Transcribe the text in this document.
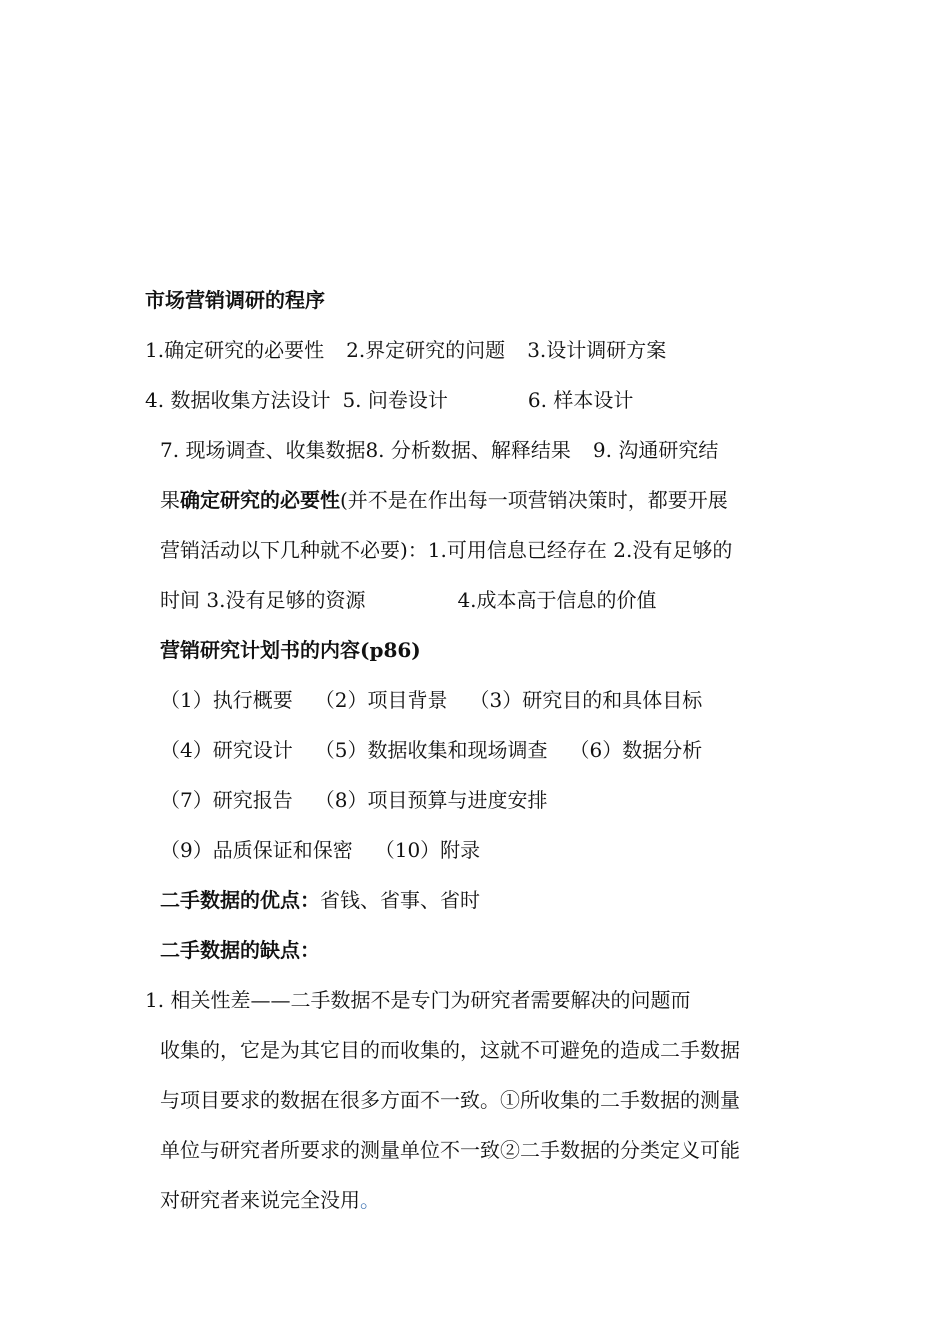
市场营销调研的程序
1.确定研究的必要性 2.界定研究的问题 3.设计调研方案
4. 数据收集方法设计 5. 问卷设计	6. 样本设计
7. 现场调查、收集数据8. 分析数据、解释结果 9. 沟通研究结
果确定研究的必要性(并不是在作出每一项营销决策时，都要开展
营销活动以下几种就不必要)：1.可用信息已经存在 2.没有足够的
时间 3.没有足够的资源	4.成本高于信息的价值
营销研究计划书的内容(p86)
（1）执行概要 （2）项目背景 （3）研究目的和具体目标
（4）研究设计 （5）数据收集和现场调查 （6）数据分析
（7）研究报告 （8）项目预算与进度安排
（9）品质保证和保密 （10）附录
二手数据的优点：省钱、省事、省时
二手数据的缺点：
1. 相关性差——二手数据不是专门为研究者需要解决的问题而
收集的，它是为其它目的而收集的，这就不可避免的造成二手数据
与项目要求的数据在很多方面不一致。①所收集的二手数据的测量
单位与研究者所要求的测量单位不一致②二手数据的分类定义可能
对研究者来说完全没用。
